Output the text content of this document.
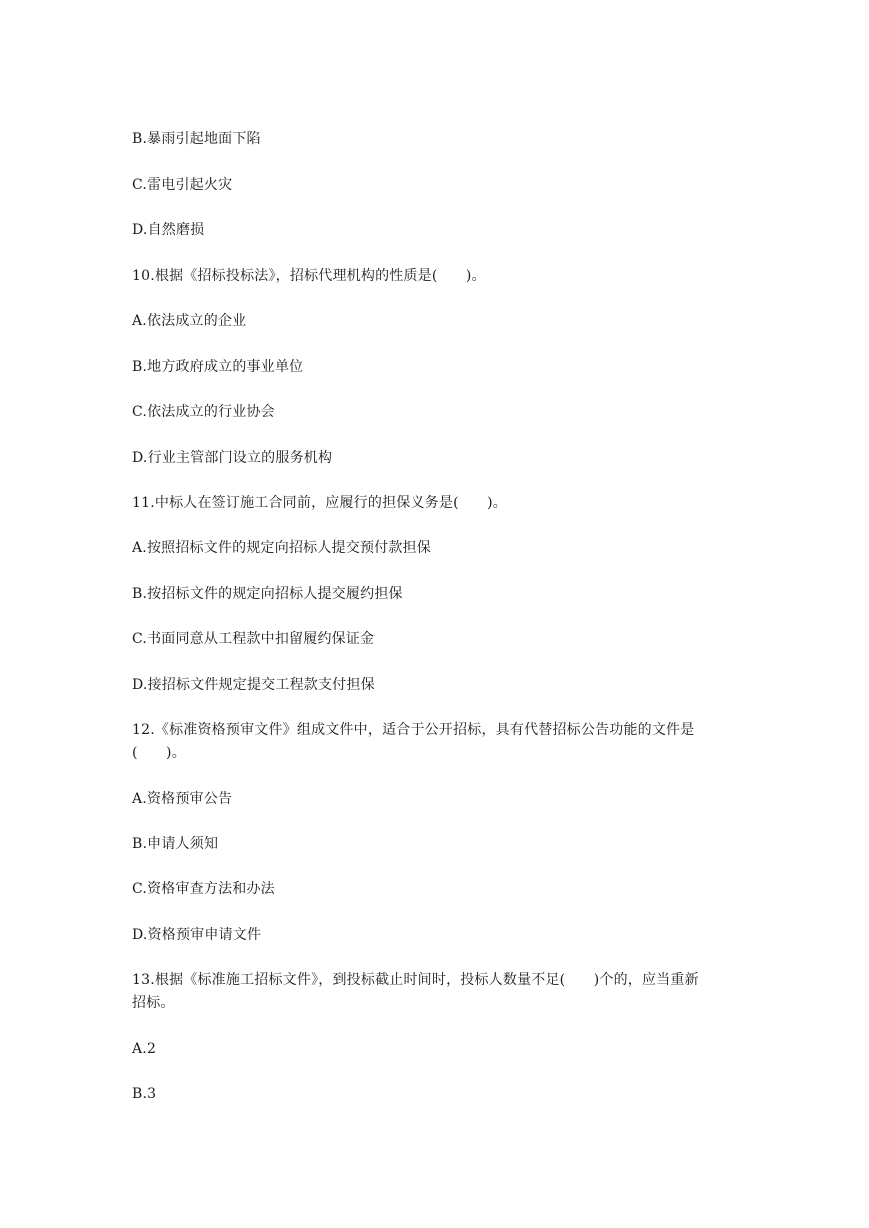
B.暴雨引起地面下陷
C.雷电引起火灾
D.自然磨损
10.根据《招标投标法》，招标代理机构的性质是(　　)。
A.依法成立的企业
B.地方政府成立的事业单位
C.依法成立的行业协会
D.行业主管部门设立的服务机构
11.中标人在签订施工合同前，应履行的担保义务是(　　)。
A.按照招标文件的规定向招标人提交预付款担保
B.按招标文件的规定向招标人提交履约担保
C.书面同意从工程款中扣留履约保证金
D.接招标文件规定提交工程款支付担保
12.《标准资格预审文件》组成文件中，适合于公开招标，具有代替招标公告功能的文件是
(　　)。
A.资格预审公告
B.申请人须知
C.资格审查方法和办法
D.资格预审申请文件
13.根据《标准施工招标文件》，到投标截止时间时，投标人数量不足(　　)个的，应当重新
招标。
A.2
B.3
